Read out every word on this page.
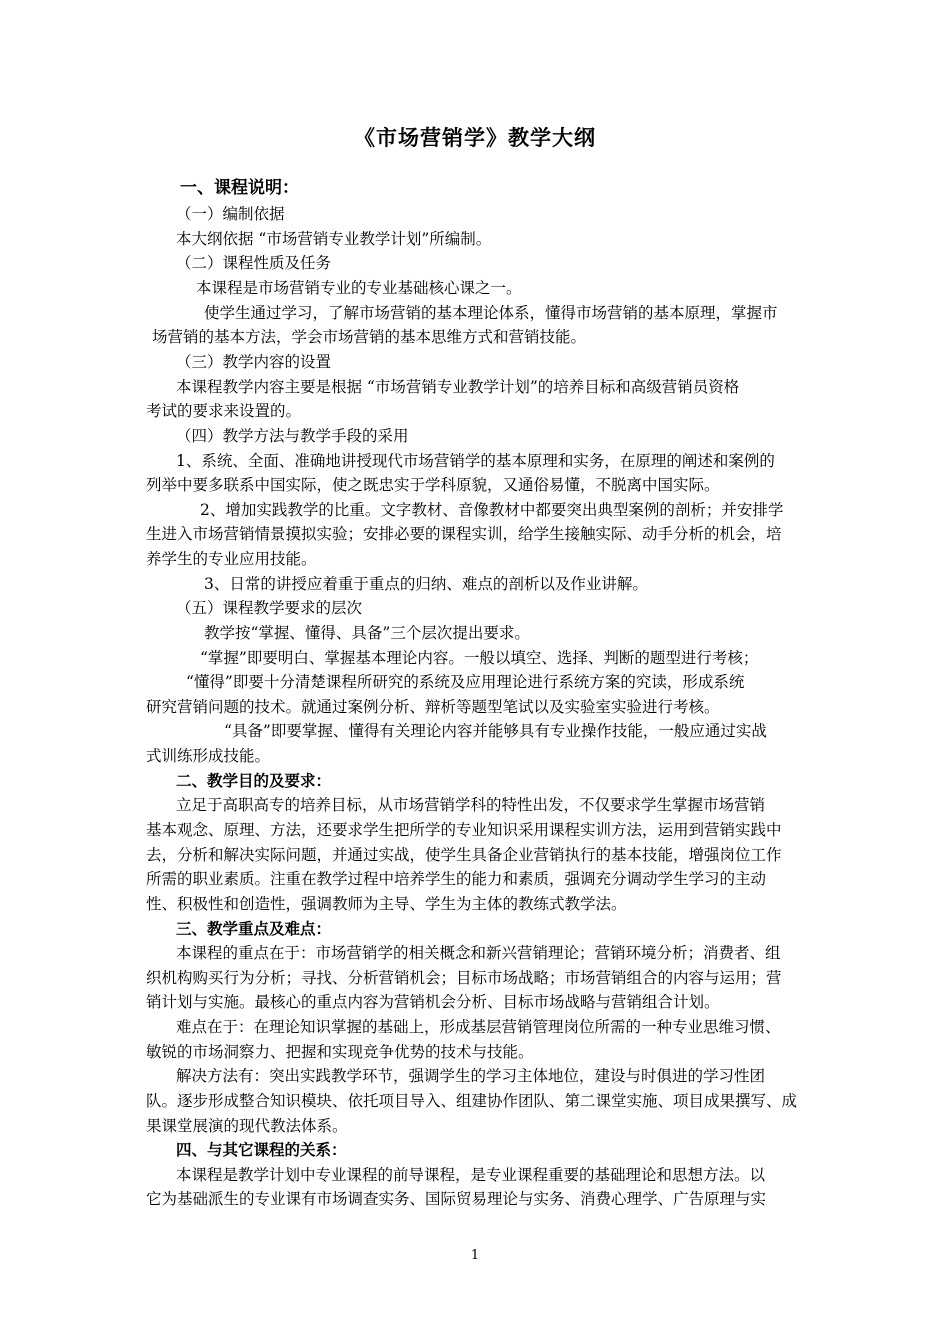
《市场营销学》教学大纲
一、课程说明：
（一）编制依据
本大纲依据 “市场营销专业教学计划”所编制。
（二）课程性质及任务
本课程是市场营销专业的专业基础核心课之一。
使学生通过学习，了解市场营销的基本理论体系，懂得市场营销的基本原理，掌握市
场营销的基本方法，学会市场营销的基本思维方式和营销技能。
（三）教学内容的设置
本课程教学内容主要是根据 “市场营销专业教学计划”的培养目标和高级营销员资格
考试的要求来设置的。
（四）教学方法与教学手段的采用
1、系统、全面、准确地讲授现代市场营销学的基本原理和实务，在原理的阐述和案例的
列举中要多联系中国实际，使之既忠实于学科原貌，又通俗易懂，不脱离中国实际。
2、增加实践教学的比重。文字教材、音像教材中都要突出典型案例的剖析；并安排学
生进入市场营销情景摸拟实验；安排必要的课程实训，给学生接触实际、动手分析的机会，培
养学生的专业应用技能。
3、日常的讲授应着重于重点的归纳、难点的剖析以及作业讲解。
（五）课程教学要求的层次
教学按“掌握、懂得、具备”三个层次提出要求。
“掌握”即要明白、掌握基本理论内容。一般以填空、选择、判断的题型进行考核；
“懂得”即要十分清楚课程所研究的系统及应用理论进行系统方案的究读，形成系统
研究营销问题的技术。就通过案例分析、辩析等题型笔试以及实验室实验进行考核。
“具备”即要掌握、懂得有关理论内容并能够具有专业操作技能，一般应通过实战
式训练形成技能。
二、教学目的及要求：
立足于高职高专的培养目标，从市场营销学科的特性出发，不仅要求学生掌握市场营销
基本观念、原理、方法，还要求学生把所学的专业知识采用课程实训方法，运用到营销实践中
去，分析和解决实际问题，并通过实战，使学生具备企业营销执行的基本技能，增强岗位工作
所需的职业素质。注重在教学过程中培养学生的能力和素质，强调充分调动学生学习的主动
性、积极性和创造性，强调教师为主导、学生为主体的教练式教学法。
三、教学重点及难点：
本课程的重点在于：市场营销学的相关概念和新兴营销理论；营销环境分析；消费者、组
织机构购买行为分析；寻找、分析营销机会；目标市场战略；市场营销组合的内容与运用；营
销计划与实施。最核心的重点内容为营销机会分析、目标市场战略与营销组合计划。
难点在于：在理论知识掌握的基础上，形成基层营销管理岗位所需的一种专业思维习惯、
敏锐的市场洞察力、把握和实现竞争优势的技术与技能。
解决方法有：突出实践教学环节，强调学生的学习主体地位，建设与时俱进的学习性团
队。逐步形成整合知识模块、依托项目导入、组建协作团队、第二课堂实施、项目成果撰写、成
果课堂展演的现代教法体系。
四、与其它课程的关系：
本课程是教学计划中专业课程的前导课程，是专业课程重要的基础理论和思想方法。以
它为基础派生的专业课有市场调查实务、国际贸易理论与实务、消费心理学、广告原理与实
1
